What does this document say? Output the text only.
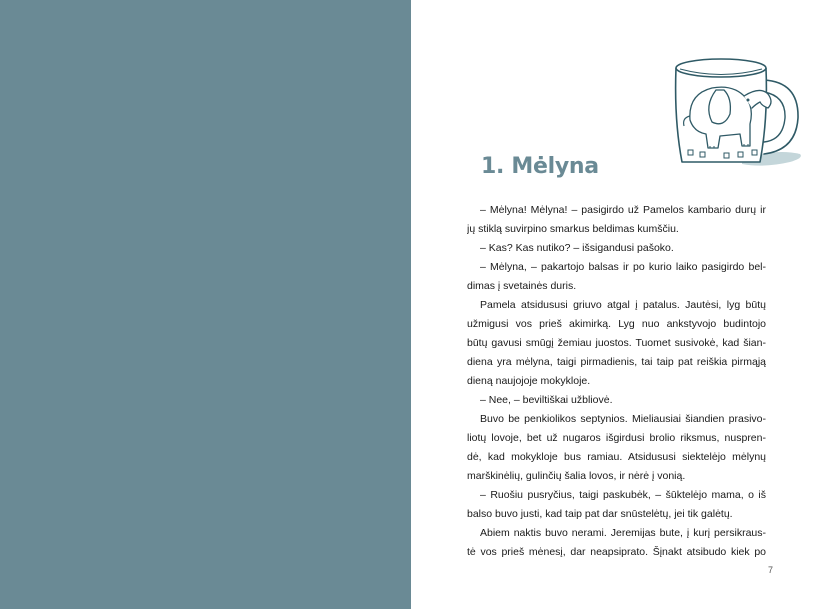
1. Mėlyna

– Mėlyna! Mėlyna! – pasigirdo už Pamelos kambario durų ir

jų stiklą suvirpino smarkus beldimas kumščiu.

– Kas? Kas nutiko? – išsigandusi pašoko.

– Mėlyna, – pakartojo balsas ir po kurio laiko pasigirdo bel-

dimas į svetainės duris.

Pamela atsidususi griuvo atgal į patalus. Jautėsi, lyg būtų

užmigusi vos prieš akimirką. Lyg nuo ankstyvojo budintojo

būtų gavusi smūgį žemiau juostos. Tuomet susivokė, kad šian-

diena yra mėlyna, taigi pirmadienis, tai taip pat reiškia pirmąją

dieną naujojoje mokykloje.

– Nee, – beviltiškai užbliovė.

Buvo be penkiolikos septynios. Mieliausiai šiandien prasivo-

liotų lovoje, bet už nugaros išgirdusi brolio riksmus, nuspren-

dė, kad mokykloje bus ramiau. Atsidususi siektelėjo mėlynų

marškinėlių, gulinčių šalia lovos, ir nėrė į vonią.

– Ruošiu pusryčius, taigi paskubėk, – šūktelėjo mama, o iš

balso buvo justi, kad taip pat dar snūstelėtų, jei tik galėtų.

Abiem naktis buvo nerami. Jeremijas bute, į kurį persikraus-

tė vos prieš mėnesį, dar neapsiprato. Šįnakt atsibudo kiek po

7
